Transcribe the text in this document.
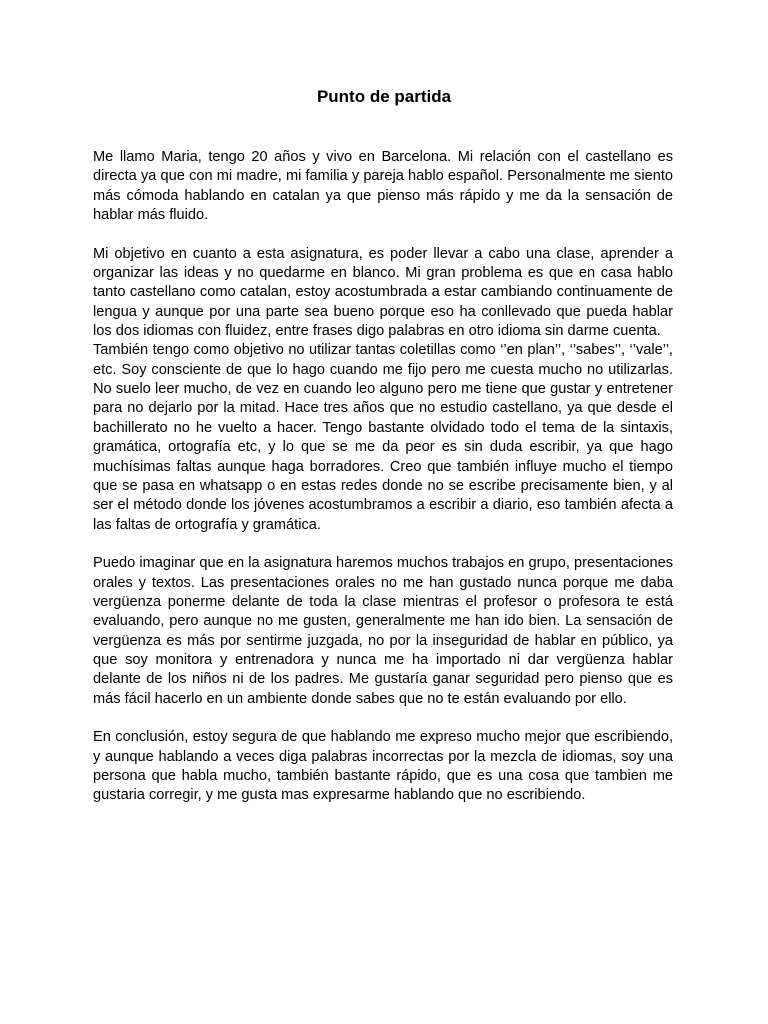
Punto de partida

Me llamo Maria, tengo 20 años y vivo en Barcelona. Mi relación con el castellano es directa ya que con mi madre, mi familia y pareja hablo español. Personalmente me siento más cómoda hablando en catalan ya que pienso más rápido y me da la sensación de hablar más fluido.

Mi objetivo en cuanto a esta asignatura, es poder llevar a cabo una clase, aprender a organizar las ideas y no quedarme en blanco. Mi gran problema es que en casa hablo tanto castellano como catalan, estoy acostumbrada a estar cambiando continuamente de lengua y aunque por una parte sea bueno porque eso ha conllevado que pueda hablar los dos idiomas con fluidez, entre frases digo palabras en otro idioma sin darme cuenta.

También tengo como objetivo no utilizar tantas coletillas como ‘’en plan’’, ‘’sabes’’, ‘’vale’’, etc. Soy consciente de que lo hago cuando me fijo pero me cuesta mucho no utilizarlas. No suelo leer mucho, de vez en cuando leo alguno pero me tiene que gustar y entretener para no dejarlo por la mitad. Hace tres años que no estudio castellano, ya que desde el bachillerato no he vuelto a hacer. Tengo bastante olvidado todo el tema de la sintaxis, gramática, ortografía etc, y lo que se me da peor es sin duda escribir, ya que hago muchísimas faltas aunque haga borradores. Creo que también influye mucho el tiempo que se pasa en whatsapp o en estas redes donde no se escribe precisamente bien, y al ser el método donde los jóvenes acostumbramos a escribir a diario, eso también afecta a las faltas de ortografía y gramática.

Puedo imaginar que en la asignatura haremos muchos trabajos en grupo, presentaciones orales y textos. Las presentaciones orales no me han gustado nunca porque me daba vergüenza ponerme delante de toda la clase mientras el profesor o profesora te está evaluando, pero aunque no me gusten, generalmente me han ido bien. La sensación de vergüenza es más por sentirme juzgada, no por la inseguridad de hablar en público, ya que soy monitora y entrenadora y nunca me ha importado ni dar vergüenza hablar delante de los niños ni de los padres. Me gustaría ganar seguridad pero pienso que es más fácil hacerlo en un ambiente donde sabes que no te están evaluando por ello.

En conclusión, estoy segura de que hablando me expreso mucho mejor que escribiendo, y aunque hablando a veces diga palabras incorrectas por la mezcla de idiomas, soy una persona que habla mucho, también bastante rápido, que es una cosa que tambien me gustaria corregir, y me gusta mas expresarme hablando que no escribiendo.
